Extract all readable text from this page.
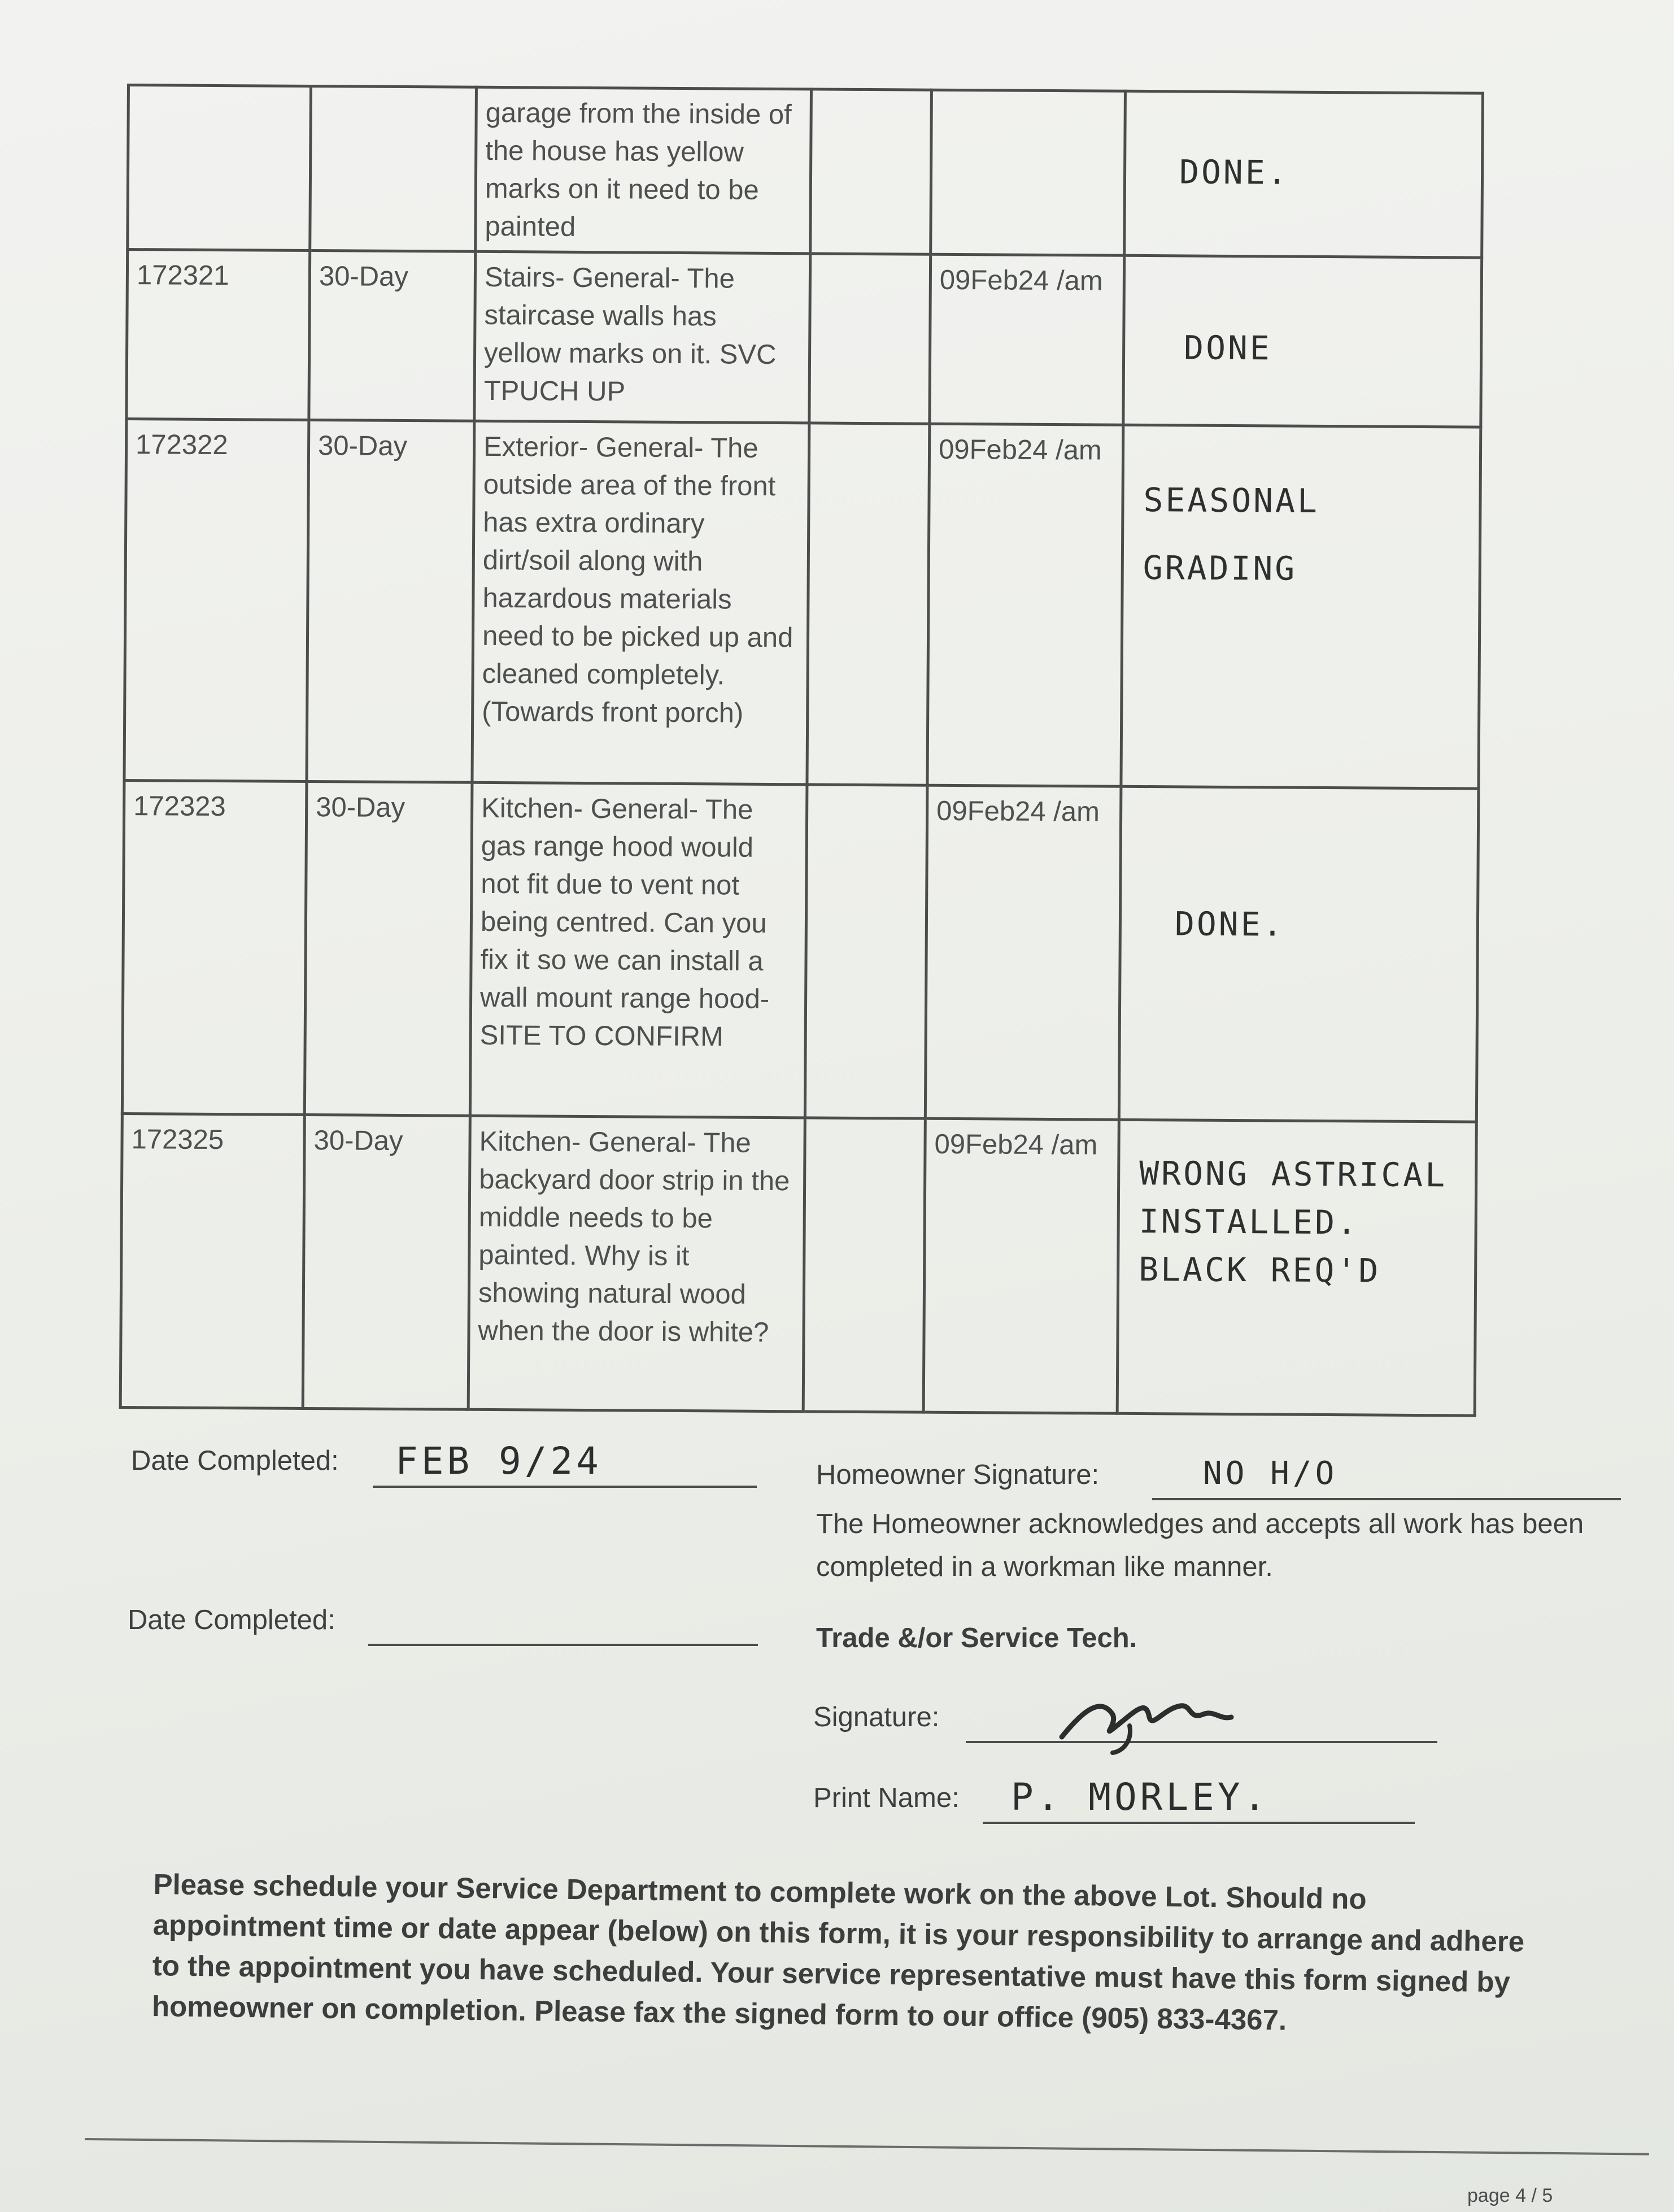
		garage from the inside of the house has yellow marks on it need to be painted			DONE.

172321	30-Day	Stairs- General- The staircase walls has yellow marks on it. SVC TPUCH UP		09Feb24 /am	DONE

172322	30-Day	Exterior- General- The outside area of the front has extra ordinary dirt/soil along with hazardous materials need to be picked up and cleaned completely. (Towards front porch)		09Feb24 /am	SEASONAL GRADING

172323	30-Day	Kitchen- General- The gas range hood would not fit due to vent not being centred. Can you fix it so we can install a wall mount range hood-SITE TO CONFIRM		09Feb24 /am	DONE.

172325	30-Day	Kitchen- General- The backyard door strip in the middle needs to be painted. Why is it showing natural wood when the door is white?		09Feb24 /am	WRONG ASTRICAL INSTALLED. BLACK REQ'D
Date Completed: FEB 9/24	Homeowner Signature:	NO H/O
The Homeowner acknowledges and accepts all work has been completed in a workman like manner.
Date Completed:
Trade &/or Service Tech.
Signature:
Print Name: P. MORLEY.
Please schedule your Service Department to complete work on the above Lot. Should no appointment time or date appear (below) on this form, it is your responsibility to arrange and adhere to the appointment you have scheduled. Your service representative must have this form signed by homeowner on completion. Please fax the signed form to our office (905) 833-4367.
page 4 / 5
